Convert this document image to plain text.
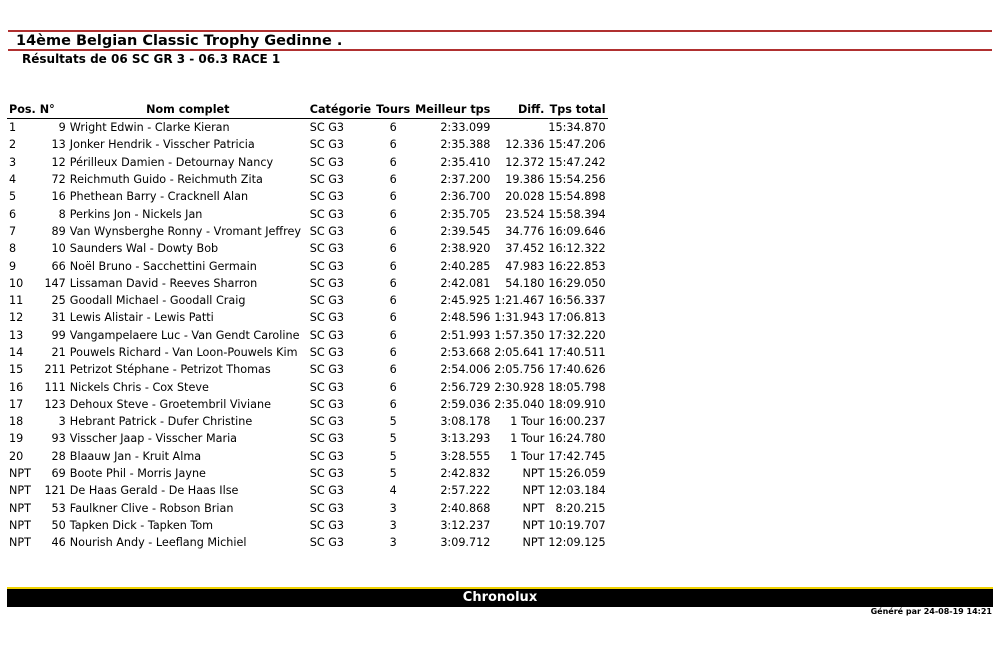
14ème Belgian Classic Trophy Gedinne .
Résultats de 06 SC GR 3 - 06.3 RACE 1
Pos.	N°	Nom complet	Catégorie	Tours	Meilleur tps	Diff.	Tps total
1	9	Wright Edwin - Clarke Kieran	SC G3	6	2:33.099		15:34.870
2	13	Jonker Hendrik - Visscher Patricia	SC G3	6	2:35.388	12.336	15:47.206
3	12	Périlleux Damien - Detournay Nancy	SC G3	6	2:35.410	12.372	15:47.242
4	72	Reichmuth Guido - Reichmuth Zita	SC G3	6	2:37.200	19.386	15:54.256
5	16	Phethean Barry - Cracknell Alan	SC G3	6	2:36.700	20.028	15:54.898
6	8	Perkins Jon - Nickels Jan	SC G3	6	2:35.705	23.524	15:58.394
7	89	Van Wynsberghe Ronny - Vromant Jeffrey	SC G3	6	2:39.545	34.776	16:09.646
8	10	Saunders Wal - Dowty Bob	SC G3	6	2:38.920	37.452	16:12.322
9	66	Noël Bruno - Sacchettini Germain	SC G3	6	2:40.285	47.983	16:22.853
10	147	Lissaman David - Reeves Sharron	SC G3	6	2:42.081	54.180	16:29.050
11	25	Goodall Michael - Goodall Craig	SC G3	6	2:45.925	1:21.467	16:56.337
12	31	Lewis Alistair - Lewis Patti	SC G3	6	2:48.596	1:31.943	17:06.813
13	99	Vangampelaere Luc - Van Gendt Caroline	SC G3	6	2:51.993	1:57.350	17:32.220
14	21	Pouwels Richard - Van Loon-Pouwels Kim	SC G3	6	2:53.668	2:05.641	17:40.511
15	211	Petrizot Stéphane - Petrizot Thomas	SC G3	6	2:54.006	2:05.756	17:40.626
16	111	Nickels Chris - Cox Steve	SC G3	6	2:56.729	2:30.928	18:05.798
17	123	Dehoux Steve - Groetembril Viviane	SC G3	6	2:59.036	2:35.040	18:09.910
18	3	Hebrant Patrick - Dufer Christine	SC G3	5	3:08.178	1 Tour	16:00.237
19	93	Visscher Jaap - Visscher Maria	SC G3	5	3:13.293	1 Tour	16:24.780
20	28	Blaauw Jan - Kruit Alma	SC G3	5	3:28.555	1 Tour	17:42.745
NPT	69	Boote Phil - Morris Jayne	SC G3	5	2:42.832	NPT	15:26.059
NPT	121	De Haas Gerald - De Haas Ilse	SC G3	4	2:57.222	NPT	12:03.184
NPT	53	Faulkner Clive - Robson Brian	SC G3	3	2:40.868	NPT	8:20.215
NPT	50	Tapken Dick - Tapken Tom	SC G3	3	3:12.237	NPT	10:19.707
NPT	46	Nourish Andy - Leeflang Michiel	SC G3	3	3:09.712	NPT	12:09.125
Chronolux
Généré par 24-08-19 14:21
